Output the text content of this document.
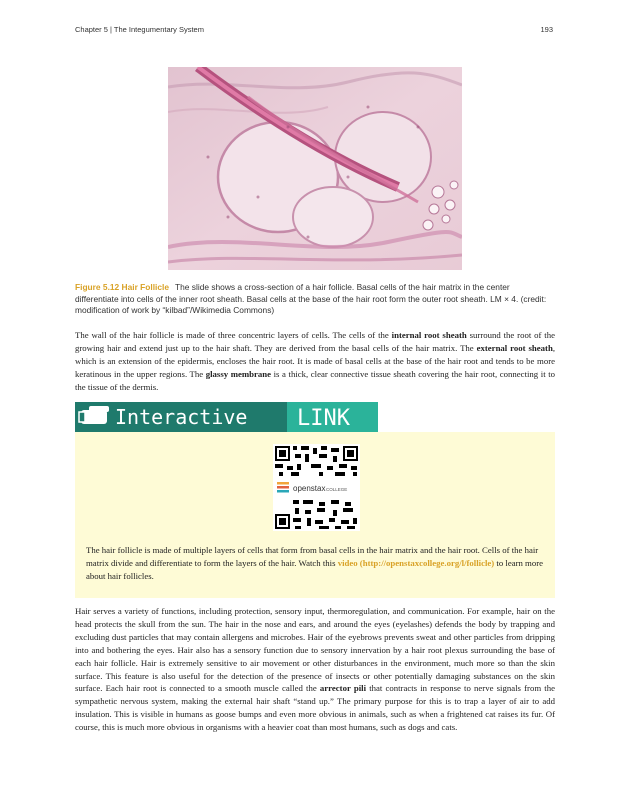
Chapter 5 | The Integumentary System	193

Figure 5.12 Hair Follicle The slide shows a cross-section of a hair follicle. Basal cells of the hair matrix in the center differentiate into cells of the inner root sheath. Basal cells at the base of the hair root form the outer root sheath. LM × 4. (credit: modification of work by “kilbad”/Wikimedia Commons)

The wall of the hair follicle is made of three concentric layers of cells. The cells of the internal root sheath surround the root of the growing hair and extend just up to the hair shaft. They are derived from the basal cells of the hair matrix. The external root sheath, which is an extension of the epidermis, encloses the hair root. It is made of basal cells at the base of the hair root and tends to be more keratinous in the upper regions. The glassy membrane is a thick, clear connective tissue sheath covering the hair root, connecting it to the tissue of the dermis.

Interactive LINK
openstax COLLEGE

The hair follicle is made of multiple layers of cells that form from basal cells in the hair matrix and the hair root. Cells of the hair matrix divide and differentiate to form the layers of the hair. Watch this video (http://openstaxcollege.org/l/follicle) to learn more about hair follicles.

Hair serves a variety of functions, including protection, sensory input, thermoregulation, and communication. For example, hair on the head protects the skull from the sun. The hair in the nose and ears, and around the eyes (eyelashes) defends the body by trapping and excluding dust particles that may contain allergens and microbes. Hair of the eyebrows prevents sweat and other particles from dripping into and bothering the eyes. Hair also has a sensory function due to sensory innervation by a hair root plexus surrounding the base of each hair follicle. Hair is extremely sensitive to air movement or other disturbances in the environment, much more so than the skin surface. This feature is also useful for the detection of the presence of insects or other potentially damaging substances on the skin surface. Each hair root is connected to a smooth muscle called the arrector pili that contracts in response to nerve signals from the sympathetic nervous system, making the external hair shaft “stand up.” The primary purpose for this is to trap a layer of air to add insulation. This is visible in humans as goose bumps and even more obvious in animals, such as when a frightened cat raises its fur. Of course, this is much more obvious in organisms with a heavier coat than most humans, such as dogs and cats.
